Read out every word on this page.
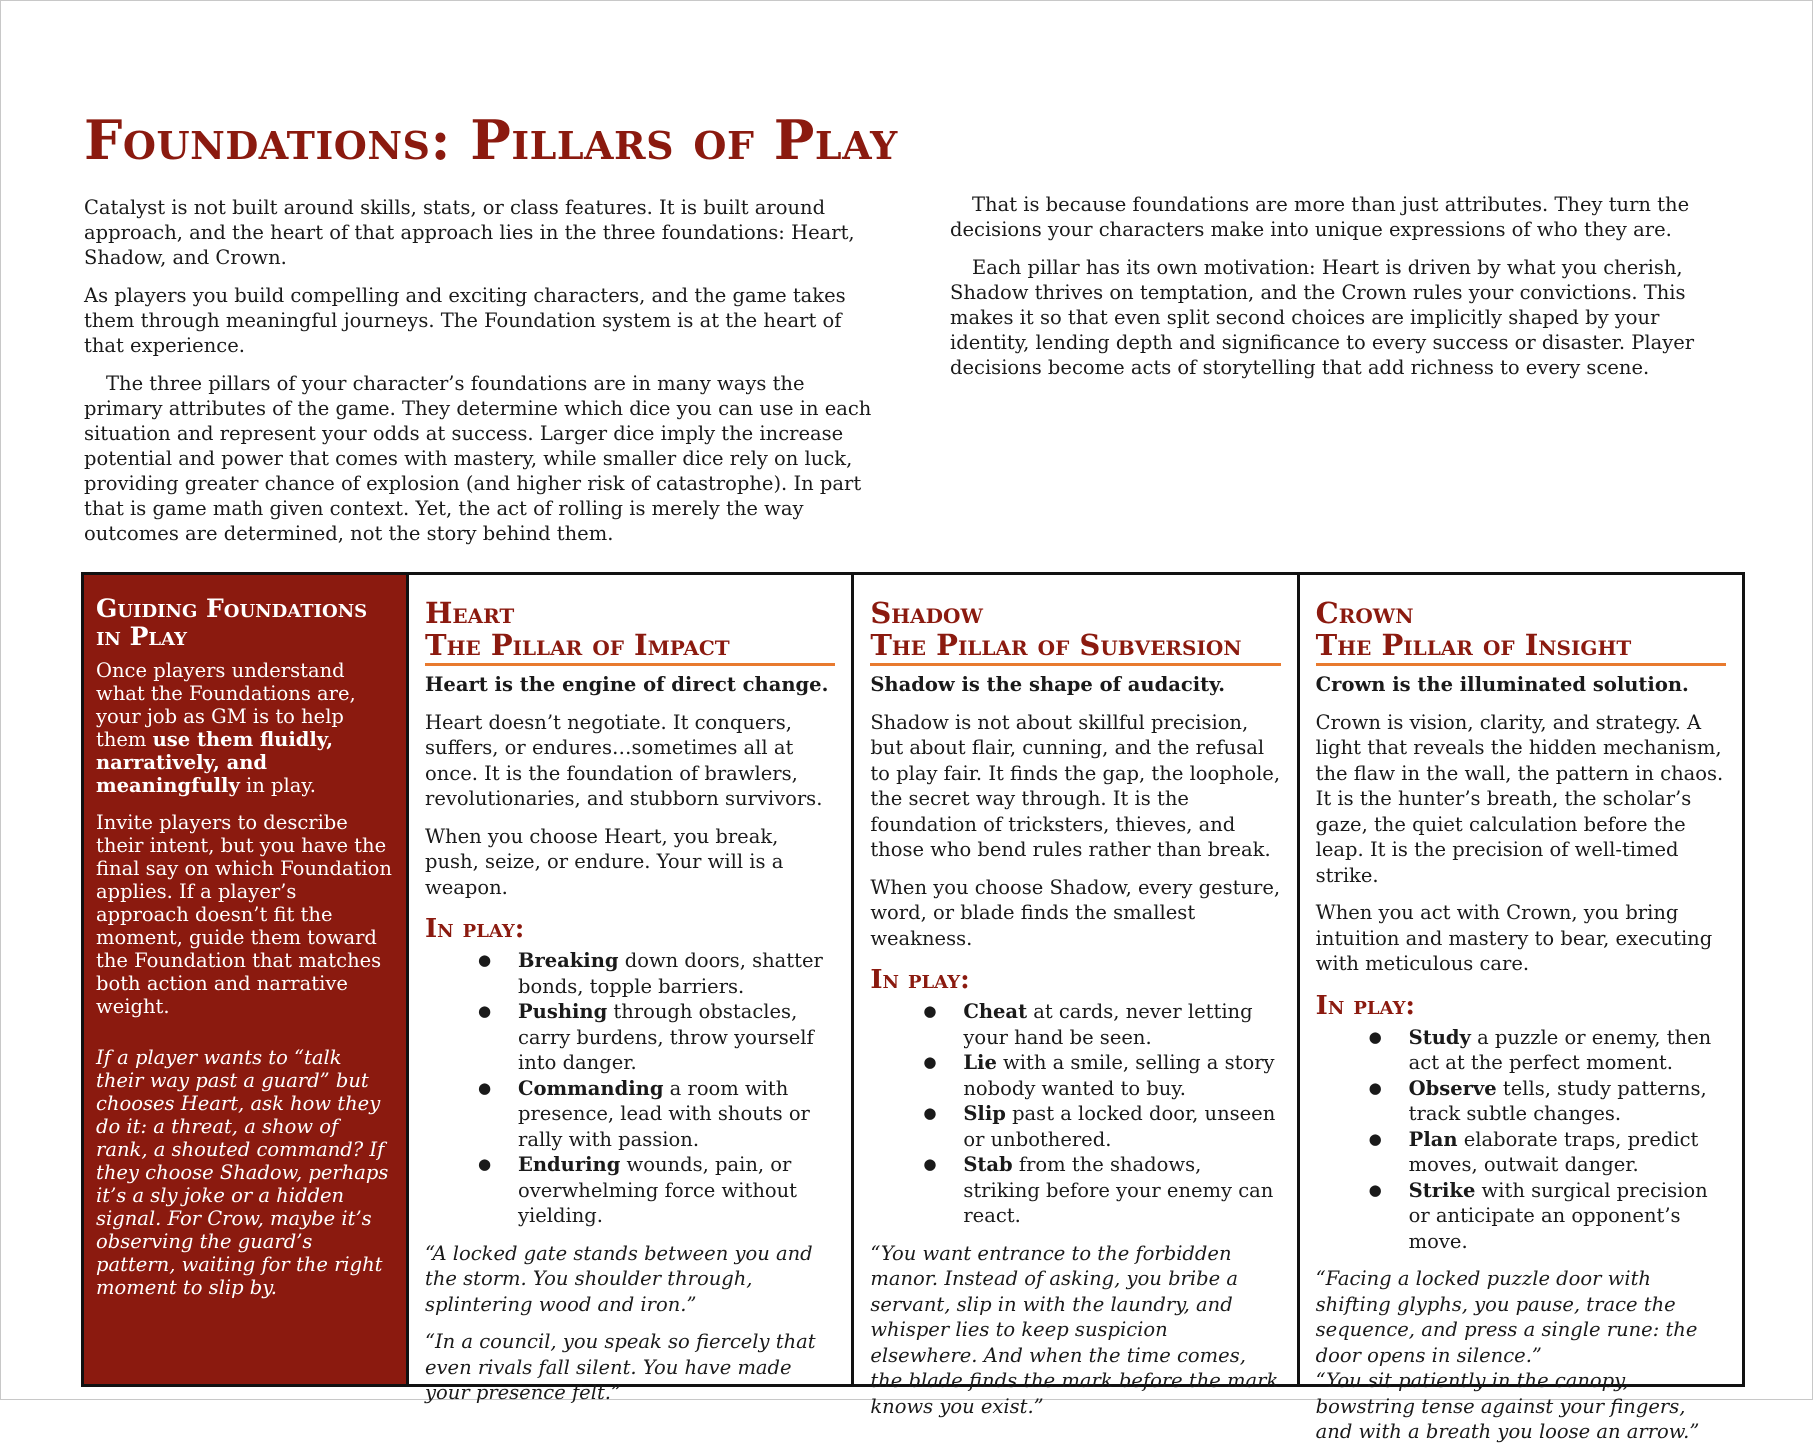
Foundations: Pillars of Play

Catalyst is not built around skills, stats, or class features. It is built around approach, and the heart of that approach lies in the three foundations: Heart, Shadow, and Crown.

As players you build compelling and exciting characters, and the game takes them through meaningful journeys. The Foundation system is at the heart of that experience.

The three pillars of your character’s foundations are in many ways the primary attributes of the game. They determine which dice you can use in each situation and represent your odds at success. Larger dice imply the increase potential and power that comes with mastery, while smaller dice rely on luck, providing greater chance of explosion (and higher risk of catastrophe). In part that is game math given context. Yet, the act of rolling is merely the way outcomes are determined, not the story behind them.

That is because foundations are more than just attributes. They turn the decisions your characters make into unique expressions of who they are.

Each pillar has its own motivation: Heart is driven by what you cherish, Shadow thrives on temptation, and the Crown rules your convictions. This makes it so that even split second choices are implicitly shaped by your identity, lending depth and significance to every success or disaster. Player decisions become acts of storytelling that add richness to every scene.

Guiding Foundations in Play

Once players understand what the Foundations are, your job as GM is to help them use them fluidly, narratively, and meaningfully in play.

Invite players to describe their intent, but you have the final say on which Foundation applies. If a player’s approach doesn’t fit the moment, guide them toward the Foundation that matches both action and narrative weight.

If a player wants to “talk their way past a guard” but chooses Heart, ask how they do it: a threat, a show of rank, a shouted command? If they choose Shadow, perhaps it’s a sly joke or a hidden signal. For Crow, maybe it’s observing the guard’s pattern, waiting for the right moment to slip by.

Heart
The Pillar of Impact
Heart is the engine of direct change.

Heart doesn’t negotiate. It conquers, suffers, or endures…sometimes all at once. It is the foundation of brawlers, revolutionaries, and stubborn survivors.

When you choose Heart, you break, push, seize, or endure. Your will is a weapon.

In play:
● Breaking down doors, shatter bonds, topple barriers.
● Pushing through obstacles, carry burdens, throw yourself into danger.
● Commanding a room with presence, lead with shouts or rally with passion.
● Enduring wounds, pain, or overwhelming force without yielding.

“A locked gate stands between you and the storm. You shoulder through, splintering wood and iron.”

“In a council, you speak so fiercely that even rivals fall silent. You have made your presence felt.”

Shadow
The Pillar of Subversion
Shadow is the shape of audacity.

Shadow is not about skillful precision, but about flair, cunning, and the refusal to play fair. It finds the gap, the loophole, the secret way through. It is the foundation of tricksters, thieves, and those who bend rules rather than break.

When you choose Shadow, every gesture, word, or blade finds the smallest weakness.

In play:
● Cheat at cards, never letting your hand be seen.
● Lie with a smile, selling a story nobody wanted to buy.
● Slip past a locked door, unseen or unbothered.
● Stab from the shadows, striking before your enemy can react.

“You want entrance to the forbidden manor. Instead of asking, you bribe a servant, slip in with the laundry, and whisper lies to keep suspicion elsewhere. And when the time comes, the blade finds the mark before the mark knows you exist.”

Crown
The Pillar of Insight
Crown is the illuminated solution.

Crown is vision, clarity, and strategy. A light that reveals the hidden mechanism, the flaw in the wall, the pattern in chaos. It is the hunter’s breath, the scholar’s gaze, the quiet calculation before the leap. It is the precision of well-timed strike.

When you act with Crown, you bring intuition and mastery to bear, executing with meticulous care.

In play:
● Study a puzzle or enemy, then act at the perfect moment.
● Observe tells, study patterns, track subtle changes.
● Plan elaborate traps, predict moves, outwait danger.
● Strike with surgical precision or anticipate an opponent’s move.

“Facing a locked puzzle door with shifting glyphs, you pause, trace the sequence, and press a single rune: the door opens in silence.”

“You sit patiently in the canopy, bowstring tense against your fingers, and with a breath you loose an arrow.”
